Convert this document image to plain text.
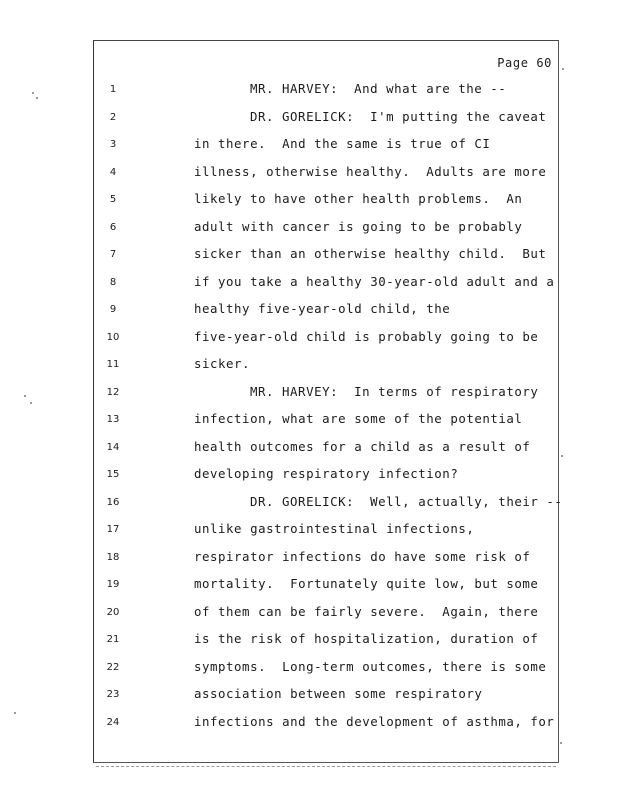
Page 60
1	MR. HARVEY:  And what are the --
2	DR. GORELICK:  I'm putting the caveat
3	in there.  And the same is true of CI
4	illness, otherwise healthy.  Adults are more
5	likely to have other health problems.  An
6	adult with cancer is going to be probably
7	sicker than an otherwise healthy child.  But
8	if you take a healthy 30-year-old adult and a
9	healthy five-year-old child, the
10	five-year-old child is probably going to be
11	sicker.
12	MR. HARVEY:  In terms of respiratory
13	infection, what are some of the potential
14	health outcomes for a child as a result of
15	developing respiratory infection?
16	DR. GORELICK:  Well, actually, their --
17	unlike gastrointestinal infections,
18	respirator infections do have some risk of
19	mortality.  Fortunately quite low, but some
20	of them can be fairly severe.  Again, there
21	is the risk of hospitalization, duration of
22	symptoms.  Long-term outcomes, there is some
23	association between some respiratory
24	infections and the development of asthma, for
